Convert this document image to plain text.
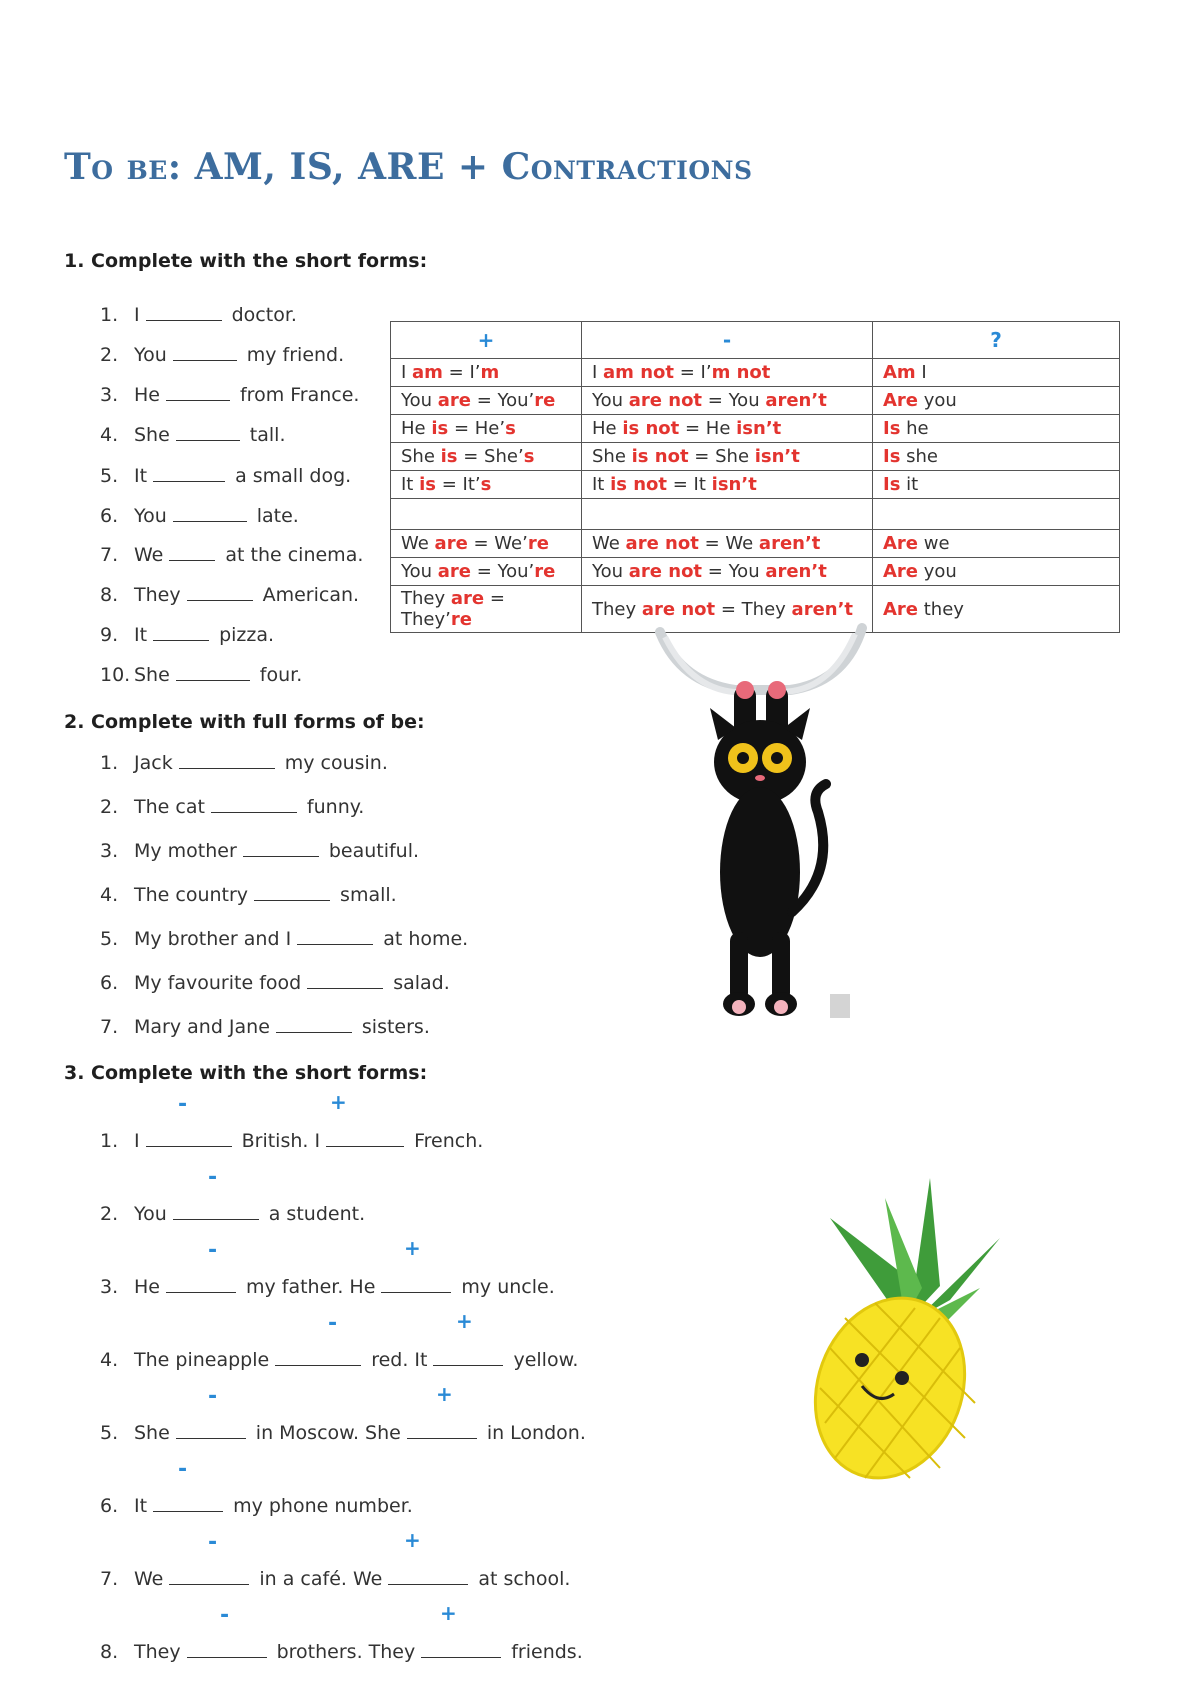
To be: AM, IS, ARE + Contractions
1. Complete with the short forms:
1. I	doctor.
2. You	my friend.
3. He	from France.
4. She	tall.
5. It	a small dog.
6. You	late.
7. We	at the cinema.
8. They	American.
9. It	pizza.
10. She	four.
+	-	?
I am = I’m	I am not = I’m not	Am I
You are = You’re	You are not = You aren’t	Are you
He is = He’s	He is not = He isn’t	Is he
She is = She’s	She is not = She isn’t	Is she
It is = It’s	It is not = It isn’t	Is it

We are = We’re	We are not = We aren’t	Are we
You are = You’re	You are not = You aren’t	Are you
They are = They’re	They are not = They aren’t	Are they
2. Complete with full forms of be:
1. Jack	my cousin.
2. The cat	funny.
3. My mother	beautiful.
4. The country	small.
5. My brother and I	at home.
6. My favourite food	salad.
7. Mary and Jane	sisters.
3. Complete with the short forms:
-	+
1. I	British. I	French.
-
2. You	a student.
-	+
3. He	my father. He	my uncle.
-	+
4. The pineapple	red. It	yellow.
-	+
5. She	in Moscow. She	in London.
-
6. It	my phone number.
-	+
7. We	in a café. We	at school.
-	+
8. They	brothers. They	friends.
